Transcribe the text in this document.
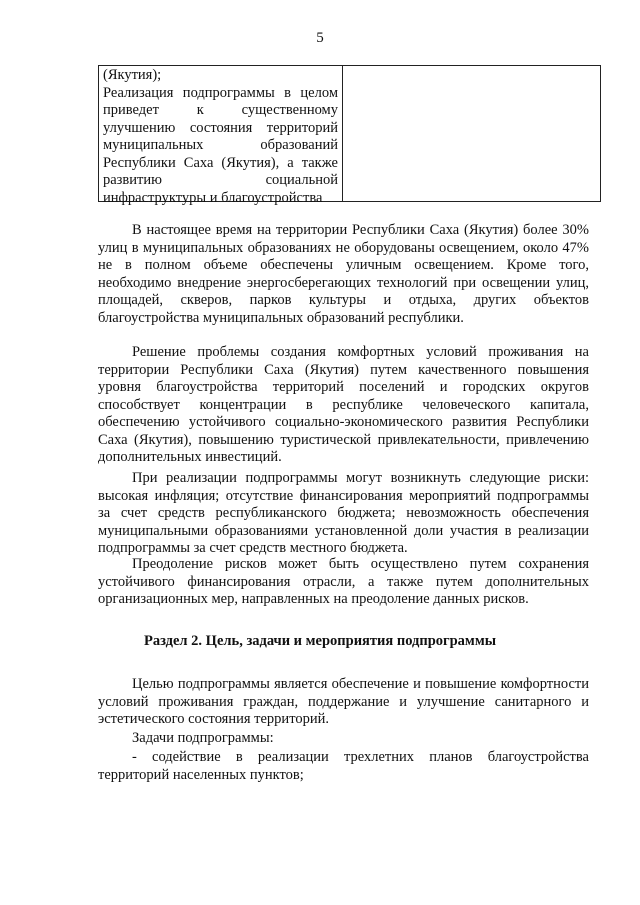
5
(Якутия);
Реализация подпрограммы в целом
приведет к существенному
улучшению состояния территорий
муниципальных образований
Республики Саха (Якутия), а также
развитию социальной
инфраструктуры и благоустройства

В настоящее время на территории Республики Саха (Якутия) более 30% улиц в муниципальных образованиях не оборудованы освещением, около 47% не в полном объеме обеспечены уличным освещением. Кроме того, необходимо внедрение энергосберегающих технологий при освещении улиц, площадей, скверов, парков культуры и отдыха, других объектов благоустройства муниципальных образований республики.

Решение проблемы создания комфортных условий проживания на территории Республики Саха (Якутия) путем качественного повышения уровня благоустройства территорий поселений и городских округов способствует концентрации в республике человеческого капитала, обеспечению устойчивого социально-экономического развития Республики Саха (Якутия), повышению туристической привлекательности, привлечению дополнительных инвестиций.

При реализации подпрограммы могут возникнуть следующие риски: высокая инфляция; отсутствие финансирования мероприятий подпрограммы за счет средств республиканского бюджета; невозможность обеспечения муниципальными образованиями установленной доли участия в реализации подпрограммы за счет средств местного бюджета.

Преодоление рисков может быть осуществлено путем сохранения устойчивого финансирования отрасли, а также путем дополнительных организационных мер, направленных на преодоление данных рисков.

Раздел 2. Цель, задачи и мероприятия подпрограммы

Целью подпрограммы является обеспечение и повышение комфортности условий проживания граждан, поддержание и улучшение санитарного и эстетического состояния территорий.

Задачи подпрограммы:

- содействие в реализации трехлетних планов благоустройства территорий населенных пунктов;
